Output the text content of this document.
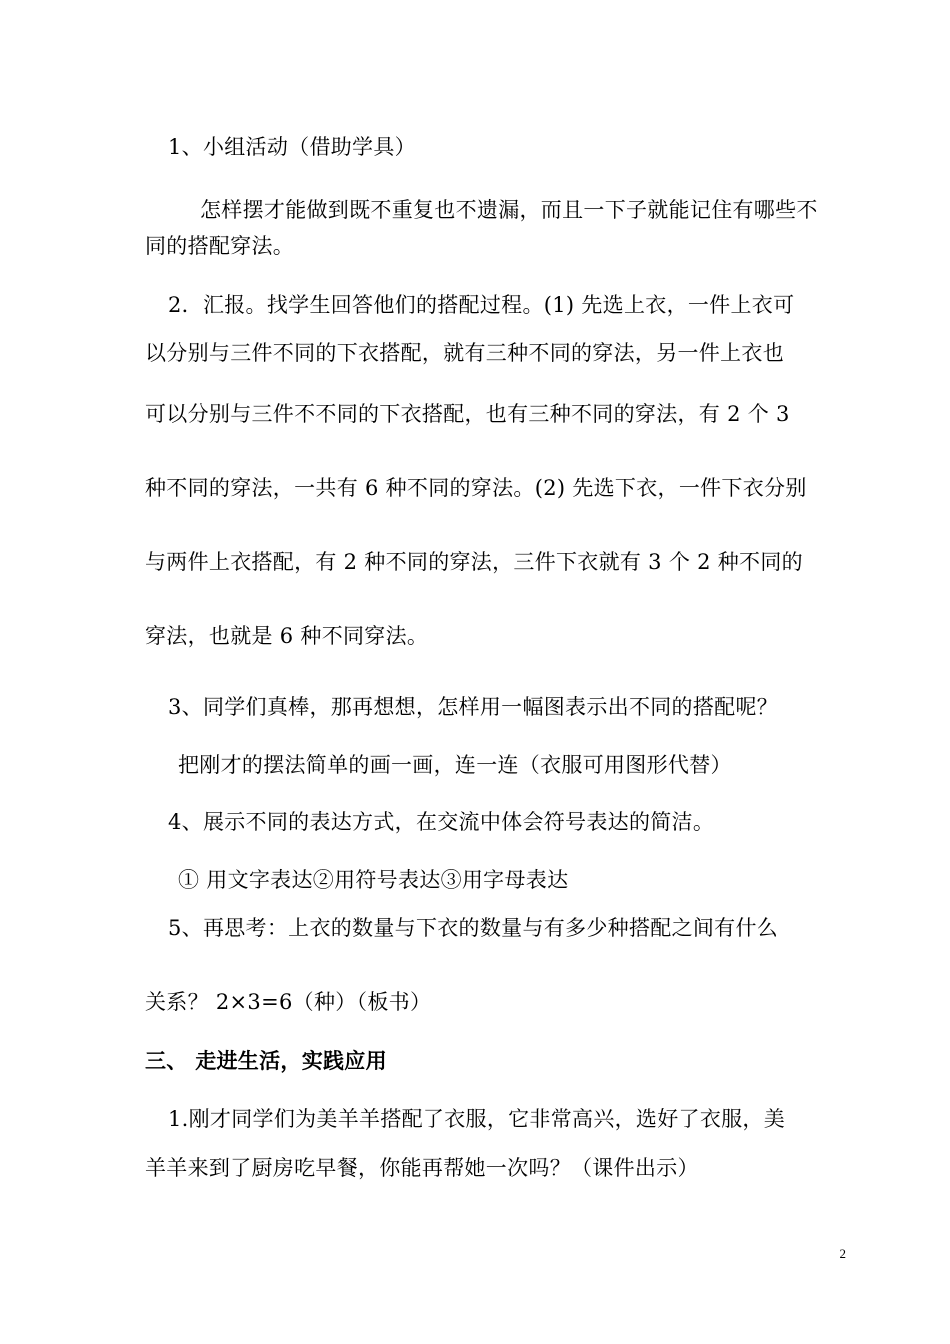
1、小组活动（借助学具）
怎样摆才能做到既不重复也不遗漏，而且一下子就能记住有哪些不
同的搭配穿法。
2．汇报。找学生回答他们的搭配过程。(1) 先选上衣，一件上衣可
以分别与三件不同的下衣搭配，就有三种不同的穿法，另一件上衣也
可以分别与三件不不同的下衣搭配，也有三种不同的穿法，有 2 个 3
种不同的穿法，一共有 6 种不同的穿法。(2) 先选下衣，一件下衣分别
与两件上衣搭配，有 2 种不同的穿法，三件下衣就有 3 个 2 种不同的
穿法，也就是 6 种不同穿法。
3、同学们真棒，那再想想，怎样用一幅图表示出不同的搭配呢？
把刚才的摆法简单的画一画，连一连（衣服可用图形代替）
4、展示不同的表达方式，在交流中体会符号表达的简洁。
① 用文字表达②用符号表达③用字母表达
5、再思考：上衣的数量与下衣的数量与有多少种搭配之间有什么
关系？ 2×3=6（种）（板书）
三、 走进生活，实践应用
1.刚才同学们为美羊羊搭配了衣服，它非常高兴，选好了衣服，美
羊羊来到了厨房吃早餐，你能再帮她一次吗？（课件出示）
2
